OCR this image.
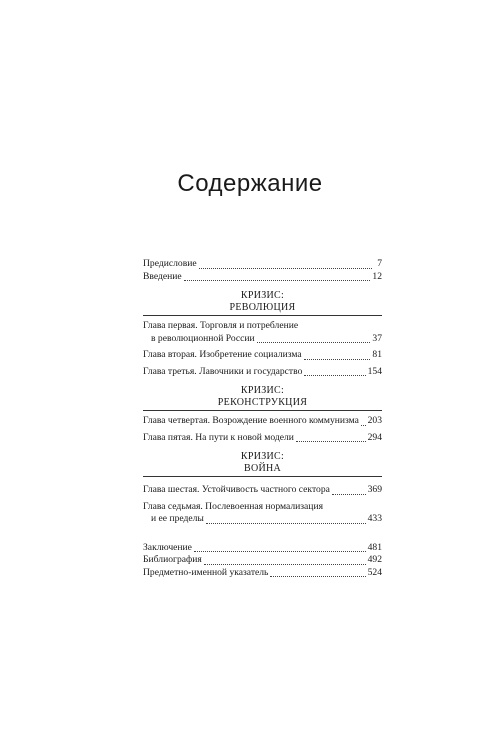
Содержание
Предисловие	7
Введение	12
КРИЗИС:
РЕВОЛЮЦИЯ
Глава первая. Торговля и потребление
в революционной России	37
Глава вторая. Изобретение социализма	81
Глава третья. Лавочники и государство	154
КРИЗИС:
РЕКОНСТРУКЦИЯ
Глава четвертая. Возрождение военного коммунизма 203
Глава пятая. На пути к новой модели	294
КРИЗИС:
ВОЙНА
Глава шестая. Устойчивость частного сектора	369
Глава седьмая. Послевоенная нормализация
и ее пределы	433
Заключение	481
Библиография	492
Предметно-именной указатель	524
